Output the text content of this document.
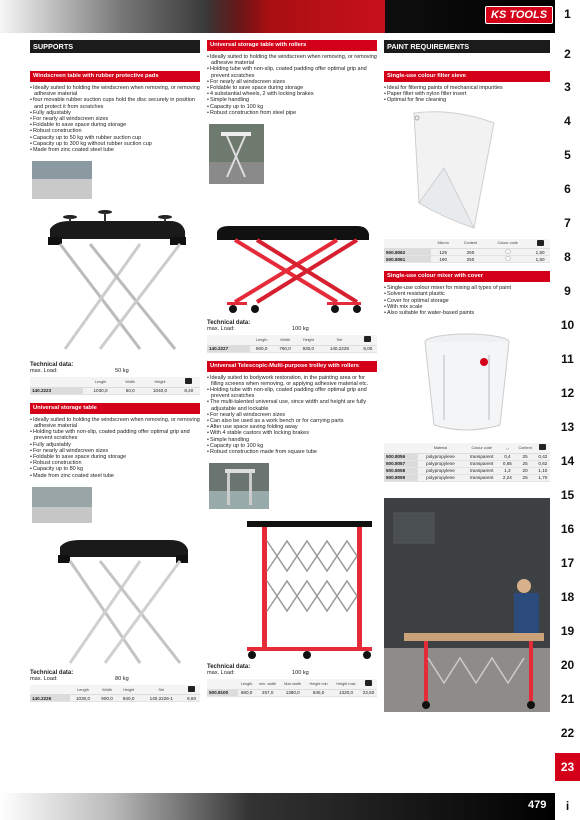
KS TOOLS	1
2
3
4
5
6
7
8
9
10
11
12
13
14
15
16
17
18
19
20
21
22
23
i
479
SUPPORTS
Windscreen table with rubber protective pads
• Ideally suited to holding the windscreen when removing, or removing adhesive material
• four movable rubber suction cups hold the disc securely in position and protect it from scratches
• Fully adjustably
• For nearly all windscreen sizes
• Foldable to save space during storage
• Robust construction
• Capacity up to 50 kg with rubber suction cup
• Capacity up to 300 kg without rubber suction cup
• Made from zinc coated steel tube
Technical data:
max. Load:	50 kg
	Length	Width	Height	
140.2223	1030,0	50,0	1040,0	8,40
Universal storage table
• Ideally suited to holding the windscreen when removing, or removing adhesive material
• Holding tube with non-slip, coated padding offer optimal grip and prevent scratches
• Fully adjustably
• For nearly all windscreen sizes
• Foldable to save space during storage
• Robust construction
• Capacity up to 80 kg
• Made from zinc coated steel tube
Technical data:
max. Load:	80 kg
	Length	Width	Height	Set	
140.2226	1030,0	900,0	940,0	140.2226-1	6,60
Universal storage table with rollers
• Ideally suited to holding the windscreen when removing, or removing adhesive material
• Holding tube with non-slip, coated padding offer optimal grip and prevent scratches
• For nearly all windscreen sizes
• Foldable to save space during storage
• 4 substantial wheels, 2 with locking brakes
• Simple handling
• Capacity up to 100 kg
• Robust construction from steel pipe
Technical data:
max. Load:	100 kg
	Length	Width	Height	Set	
140.2227	900,0	760,0	930,0	140.2229	8,00
Universal Telescopic-Multi-purpose trolley with rollers
• Ideally suited to bodywork restoration, in the painting area or for filling screens when removing, or applying adhesive material etc.
• Holding tube with non-slip, coated padding offer optimal grip and prevent scratches
• The multi-talented universal use, since width and height are fully adjustable and lockable
• For nearly all windscreen sizes
• Can also be used as a work bench or for carrying parts
• After use space saving folding away
• With 4 stable castors with locking brakes
• Simple handling
• Capacity up to 100 kg
• Robust construction made from square tube
Technical data:
max. Load:	100 kg
	Length	min. width	Max width	Height min	Height max	
500.8100	880,0	257,0	1380,0	845,0	1320,0	22,50
PAINT REQUIREMENTS
Single-use colour filter sieve
• Ideal for filtering paints of mechanical impurities
• Paper filter with nylon filter insert
• Optimal for fine cleaning
	Micron	Content	Colour code	
500.8062	125	250		1,50
500.8061	190	250		1,50
Single-use colour mixer with cover
• Single-use colour mixer for mixing all types of paint
• Solvent resistant plastic
• Cover for optimal storage
• With mix scale
• Also suitable for water-based paints
	Material	Colour code	◡	Content	
500.8056	polypropylene	transparent	0,4	25	0,42
500.8057	polypropylene	transparent	0,65	25	0,62
500.8058	polypropylene	transparent	1,3	20	1,10
500.8059	polypropylene	transparent	2,24	25	1,70
